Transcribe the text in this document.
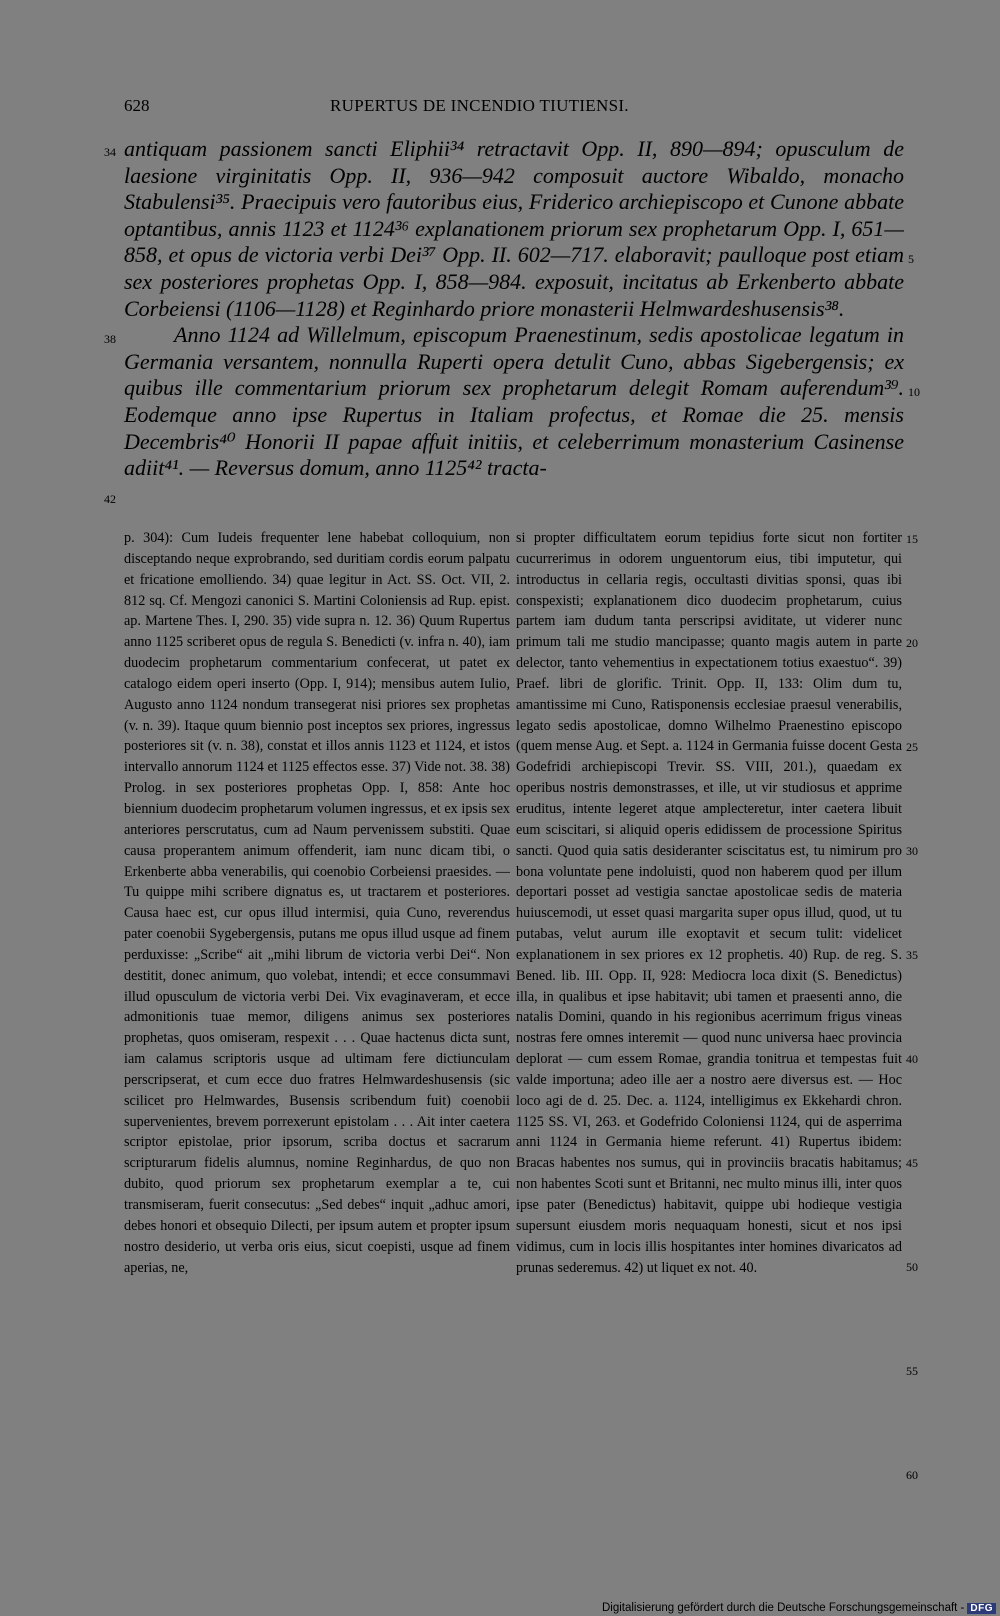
628	RUPERTUS DE INCENDIO TIUTIENSI.

antiquam passionem sancti Eliphii³⁴ retractavit Opp. II, 890—894; opusculum de laesione virginitatis Opp. II, 936—942 composuit auctore Wibaldo, monacho Stabulensi³⁵. Praecipuis vero fautoribus eius, Friderico archiepiscopo et Cunone abbate optantibus, annis 1123 et 1124³⁶ explanationem priorum sex prophetarum Opp. I, 651—858, et opus de victoria verbi Dei³⁷ Opp. II. 602—717. elaboravit; paulloque post etiam sex posteriores prophetas Opp. I, 858—984. exposuit, incitatus ab Erkenberto abbate Corbeiensi (1106—1128) et Reginhardo priore monasterii Helmwardeshusensis³⁸.

Anno 1124 ad Willelmum, episcopum Praenestinum, sedis apostolicae legatum in Germania versantem, nonnulla Ruperti opera detulit Cuno, abbas Sigebergensis; ex quibus ille commentarium priorum sex prophetarum delegit Romam auferendum³⁹. Eodemque anno ipse Rupertus in Italiam profectus, et Romae die 25. mensis Decembris⁴⁰ Honorii II papae affuit initiis, et celeberrimum monasterium Casinense adiit⁴¹. — Reversus domum, anno 1125⁴² tracta-

34
38
42
5
10

p. 304): Cum Iudeis frequenter lene habebat colloquium, non disceptando neque exprobrando, sed duritiam cordis eorum palpatu et fricatione emolliendo. 34) quae legitur in Act. SS. Oct. VII, 2. 812 sq. Cf. Mengozi canonici S. Martini Coloniensis ad Rup. epist. ap. Martene Thes. I, 290. 35) vide supra n. 12. 36) Quum Rupertus anno 1125 scriberet opus de regula S. Benedicti (v. infra n. 40), iam duodecim prophetarum commentarium confecerat, ut patet ex catalogo eidem operi inserto (Opp. I, 914); mensibus autem Iulio, Augusto anno 1124 nondum transegerat nisi priores sex prophetas (v. n. 39). Itaque quum biennio post inceptos sex priores, ingressus posteriores sit (v. n. 38), constat et illos annis 1123 et 1124, et istos intervallo annorum 1124 et 1125 effectos esse. 37) Vide not. 38. 38) Prolog. in sex posteriores prophetas Opp. I, 858: Ante hoc biennium duodecim prophetarum volumen ingressus, et ex ipsis sex anteriores perscrutatus, cum ad Naum pervenissem substiti. Quae causa properantem animum offenderit, iam nunc dicam tibi, o Erkenberte abba venerabilis, qui coenobio Corbeiensi praesides. — Tu quippe mihi scribere dignatus es, ut tractarem et posteriores. Causa haec est, cur opus illud intermisi, quia Cuno, reverendus pater coenobii Sygebergensis, putans me opus illud usque ad finem perduxisse: „Scribe“ ait „mihi librum de victoria verbi Dei“. Non destitit, donec animum, quo volebat, intendi; et ecce consummavi illud opusculum de victoria verbi Dei. Vix evaginaveram, et ecce admonitionis tuae memor, diligens animus sex posteriores prophetas, quos omiseram, respexit . . . Quae hactenus dicta sunt, iam calamus scriptoris usque ad ultimam fere dictiunculam perscripserat, et cum ecce duo fratres Helmwardeshusensis (sic scilicet pro Helmwardes, Busensis scribendum fuit) coenobii supervenientes, brevem porrexerunt epistolam . . . Ait inter caetera scriptor epistolae, prior ipsorum, scriba doctus et sacrarum scripturarum fidelis alumnus, nomine Reginhardus, de quo non dubito, quod priorum sex prophetarum exemplar a te, cui transmiseram, fuerit consecutus: „Sed debes“ inquit „adhuc amori, debes honori et obsequio Dilecti, per ipsum autem et propter ipsum nostro desiderio, ut verba oris eius, sicut coepisti, usque ad finem aperias, ne,

si propter difficultatem eorum tepidius forte sicut non fortiter cucurrerimus in odorem unguentorum eius, tibi imputetur, qui introductus in cellaria regis, occultasti divitias sponsi, quas ibi conspexisti; explanationem dico duodecim prophetarum, cuius partem iam dudum tanta perscripsi aviditate, ut viderer nunc primum tali me studio mancipasse; quanto magis autem in parte delector, tanto vehementius in expectationem totius exaestuo“. 39) Praef. libri de glorific. Trinit. Opp. II, 133: Olim dum tu, amantissime mi Cuno, Ratisponensis ecclesiae praesul venerabilis, legato sedis apostolicae, domno Wilhelmo Praenestino episcopo (quem mense Aug. et Sept. a. 1124 in Germania fuisse docent Gesta Godefridi archiepiscopi Trevir. SS. VIII, 201.), quaedam ex operibus nostris demonstrasses, et ille, ut vir studiosus et apprime eruditus, intente legeret atque amplecteretur, inter caetera libuit eum sciscitari, si aliquid operis edidissem de processione Spiritus sancti. Quod quia satis desideranter sciscitatus est, tu nimirum pro bona voluntate pene indoluisti, quod non haberem quod per illum deportari posset ad vestigia sanctae apostolicae sedis de materia huiuscemodi, ut esset quasi margarita super opus illud, quod, ut tu putabas, velut aurum ille exoptavit et secum tulit: videlicet explanationem in sex priores ex 12 prophetis. 40) Rup. de reg. S. Bened. lib. III. Opp. II, 928: Mediocra loca dixit (S. Benedictus) illa, in qualibus et ipse habitavit; ubi tamen et praesenti anno, die natalis Domini, quando in his regionibus acerrimum frigus vineas nostras fere omnes interemit — quod nunc universa haec provincia deplorat — cum essem Romae, grandia tonitrua et tempestas fuit valde importuna; adeo ille aer a nostro aere diversus est. — Hoc loco agi de d. 25. Dec. a. 1124, intelligimus ex Ekkehardi chron. 1125 SS. VI, 263. et Godefrido Coloniensi 1124, qui de asperrima anni 1124 in Germania hieme referunt. 41) Rupertus ibidem: Bracas habentes nos sumus, qui in provinciis bracatis habitamus; non habentes Scoti sunt et Britanni, nec multo minus illi, inter quos ipse pater (Benedictus) habitavit, quippe ubi hodieque vestigia supersunt eiusdem moris nequaquam honesti, sicut et nos ipsi vidimus, cum in locis illis hospitantes inter homines divaricatos ad prunas sederemus. 42) ut liquet ex not. 40.

15
20
25
30
35
40
45
50
55
60
Digitalisierung gefördert durch die Deutsche Forschungsgemeinschaft - DFG
